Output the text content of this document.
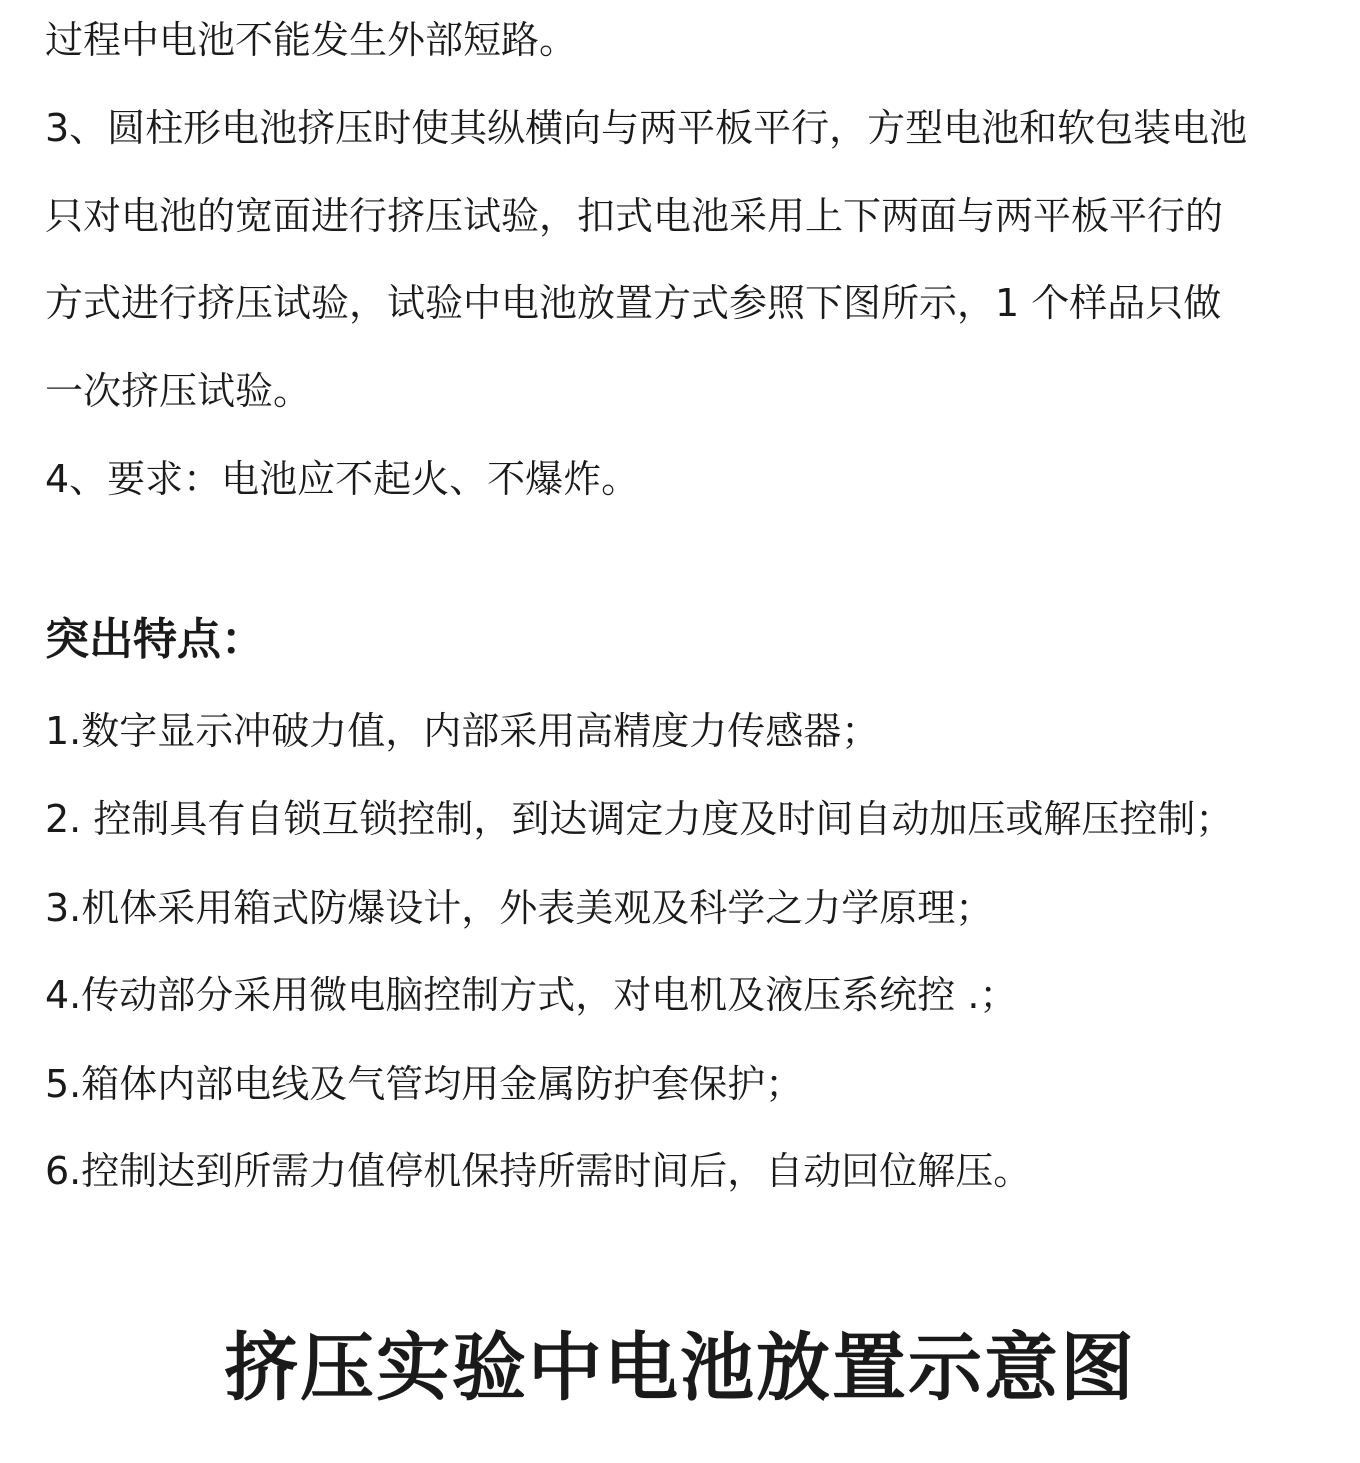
过程中电池不能发生外部短路。
3、圆柱形电池挤压时使其纵横向与两平板平行，方型电池和软包装电池
只对电池的宽面进行挤压试验，扣式电池采用上下两面与两平板平行的
方式进行挤压试验，试验中电池放置方式参照下图所示，1 个样品只做
一次挤压试验。
4、要求：电池应不起火、不爆炸。
突出特点：
1.数字显示冲破力值，内部采用高精度力传感器；
2. 控制具有自锁互锁控制，到达调定力度及时间自动加压或解压控制；
3.机体采用箱式防爆设计，外表美观及科学之力学原理；
4.传动部分采用微电脑控制方式，对电机及液压系统控 .；
5.箱体内部电线及气管均用金属防护套保护；
6.控制达到所需力值停机保持所需时间后，自动回位解压。
挤压实验中电池放置示意图
